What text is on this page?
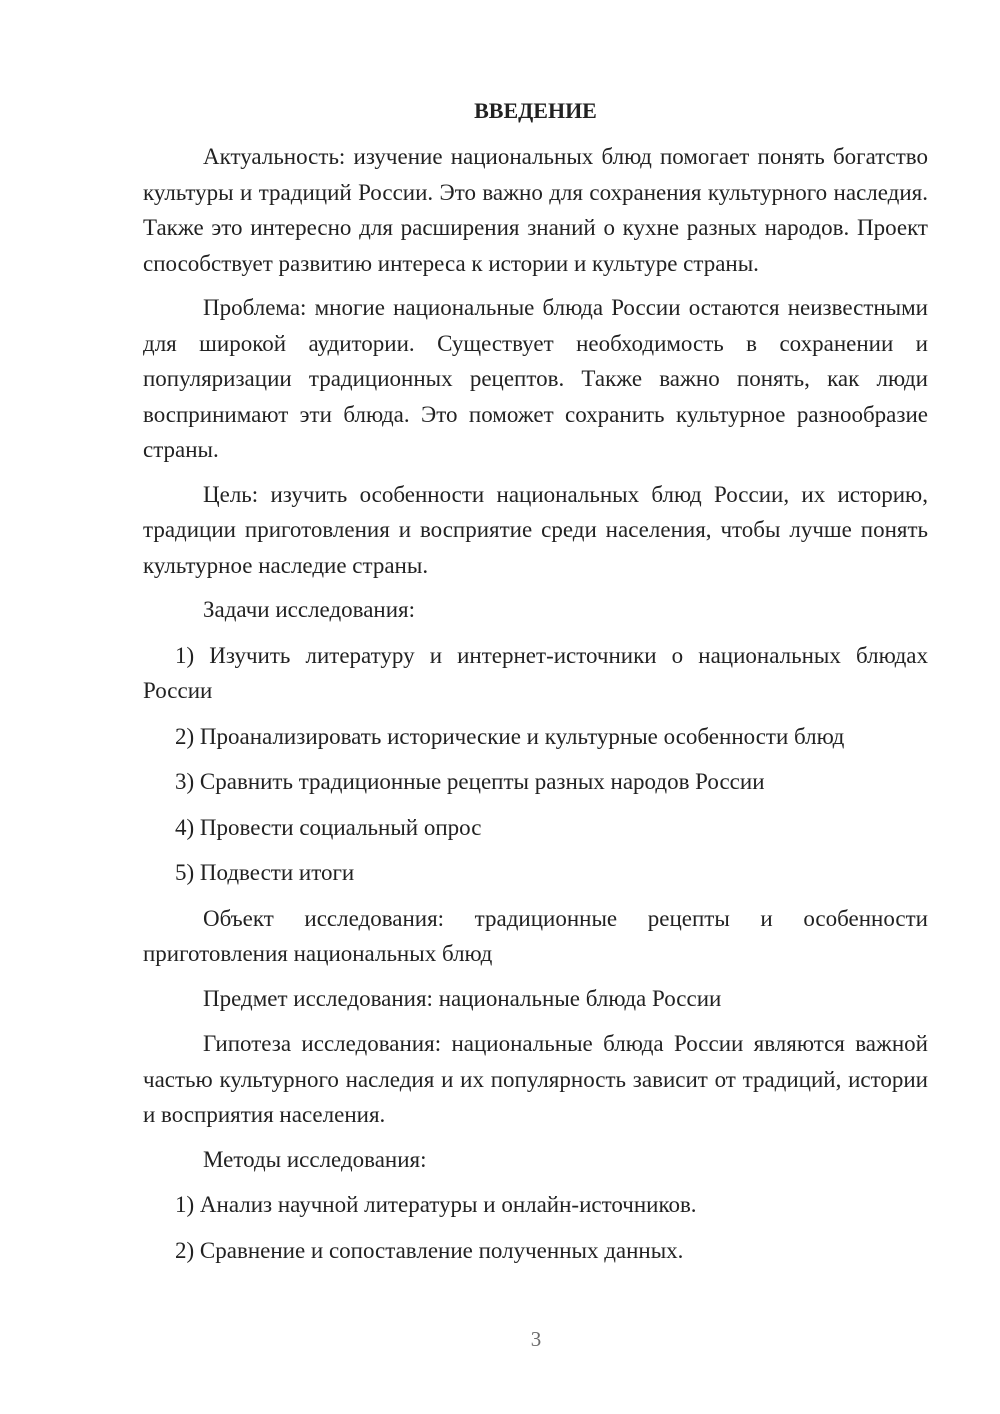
ВВЕДЕНИЕ

Актуальность: изучение национальных блюд помогает понять богатство культуры и традиций России. Это важно для сохранения культурного наследия. Также это интересно для расширения знаний о кухне разных народов. Проект способствует развитию интереса к истории и культуре страны.

Проблема: многие национальные блюда России остаются неизвестными для широкой аудитории. Существует необходимость в сохранении и популяризации традиционных рецептов. Также важно понять, как люди воспринимают эти блюда. Это поможет сохранить культурное разнообразие страны.

Цель: изучить особенности национальных блюд России, их историю, традиции приготовления и восприятие среди населения, чтобы лучше понять культурное наследие страны.

Задачи исследования:

1) Изучить литературу и интернет-источники о национальных блюдах России

2) Проанализировать исторические и культурные особенности блюд

3) Сравнить традиционные рецепты разных народов России

4) Провести социальный опрос

5) Подвести итоги

Объект исследования: традиционные рецепты и особенности приготовления национальных блюд

Предмет исследования: национальные блюда России

Гипотеза исследования: национальные блюда России являются важной частью культурного наследия и их популярность зависит от традиций, истории и восприятия населения.

Методы исследования:

1) Анализ научной литературы и онлайн-источников.

2) Сравнение и сопоставление полученных данных.

3
